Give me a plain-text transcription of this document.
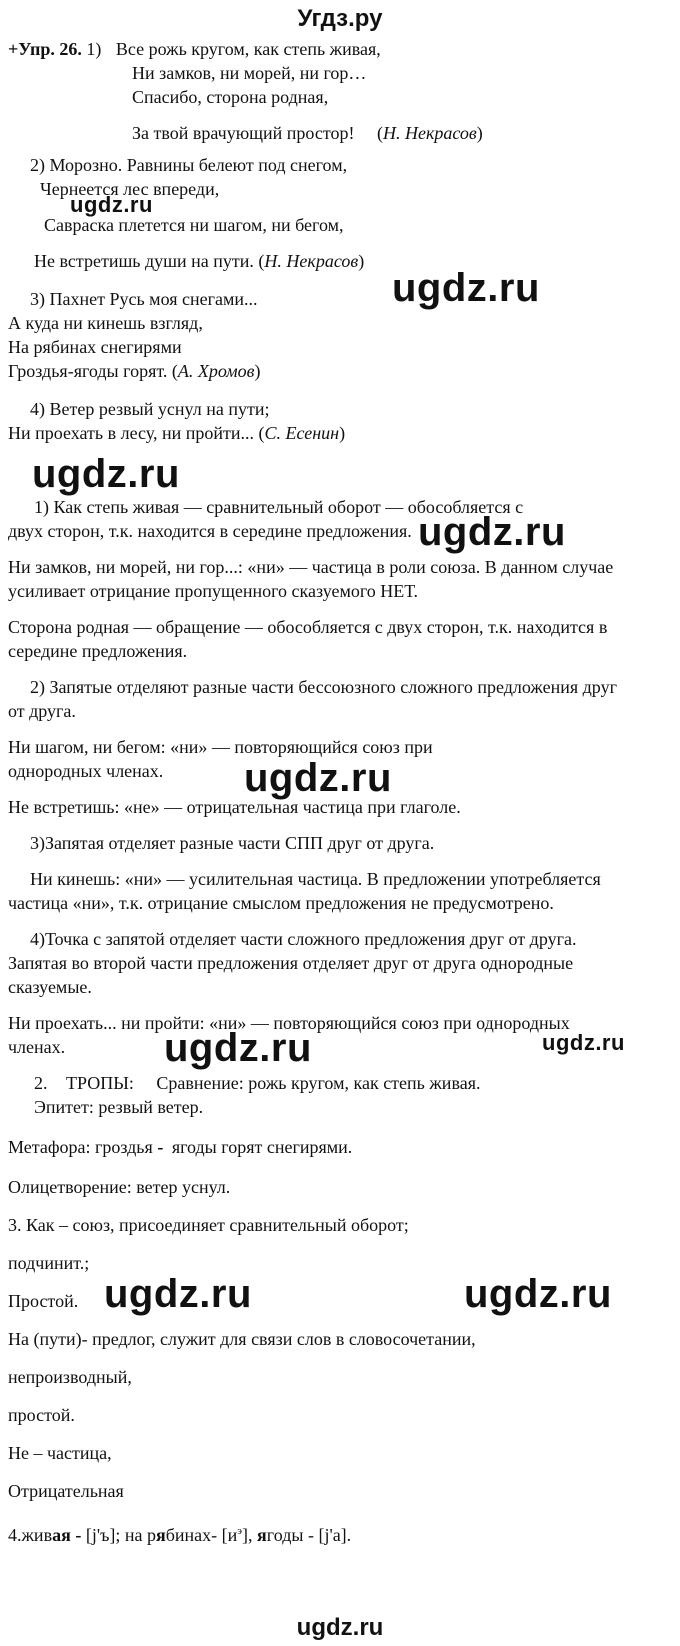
Угдз.ру
+Упр. 26. 1) Все рожь кругом, как степь живая,
Ни замков, ни морей, ни гор…
Спасибо, сторона родная,
За твой врачующий простор! (Н. Некрасов)
2) Морозно. Равнины белеют под снегом,
Чернеется лес впереди,
Савраска плетется ни шагом, ни бегом,
Не встретишь души на пути. (Н. Некрасов)
3) Пахнет Русь моя снегами...
А куда ни кинешь взгляд,
На рябинах снегирями
Гроздья-ягоды горят. (А. Хромов)
4) Ветер резвый уснул на пути;
Ни проехать в лесу, ни пройти... (С. Есенин)
1) Как степь живая — сравнительный оборот — обособляется с
двух сторон, т.к. находится в середине предложения.
Ни замков, ни морей, ни гор...: «ни» — частица в роли союза. В данном случае
усиливает отрицание пропущенного сказуемого НЕТ.
Сторона родная — обращение — обособляется с двух сторон, т.к. находится в
середине предложения.
2) Запятые отделяют разные части бессоюзного сложного предложения друг
от друга.
Ни шагом, ни бегом: «ни» — повторяющийся союз при
однородных членах.
Не встретишь: «не» — отрицательная частица при глаголе.
3)Запятая отделяет разные части СПП друг от друга.
Ни кинешь: «ни» — усилительная частица. В предложении употребляется
частица «ни», т.к. отрицание смыслом предложения не предусмотрено.
4)Точка с запятой отделяет части сложного предложения друг от друга.
Запятая во второй части предложения отделяет друг от друга однородные
сказуемые.
Ни проехать... ни пройти: «ни» — повторяющийся союз при однородных
членах.
2. ТРОПЫ: Сравнение: рожь кругом, как степь живая.
Эпитет: резвый ветер.
Метафора: гроздья - ягоды горят снегирями.
Олицетворение: ветер уснул.
3. Как – союз, присоединяет сравнительный оборот;
подчинит.;
Простой.
На (пути)- предлог, служит для связи слов в словосочетании,
непроизводный,
простой.
Не – частица,
Отрицательная
4.живая - [j'ъ]; на рябинах- $[и^э]$, ягоды - [j'a].
ugdz.ru
ugdz.ru
ugdz.ru
ugdz.ru
ugdz.ru
ugdz.ru	ugdz.ru
ugdz.ru	ugdz.ru
ugdz.ru
